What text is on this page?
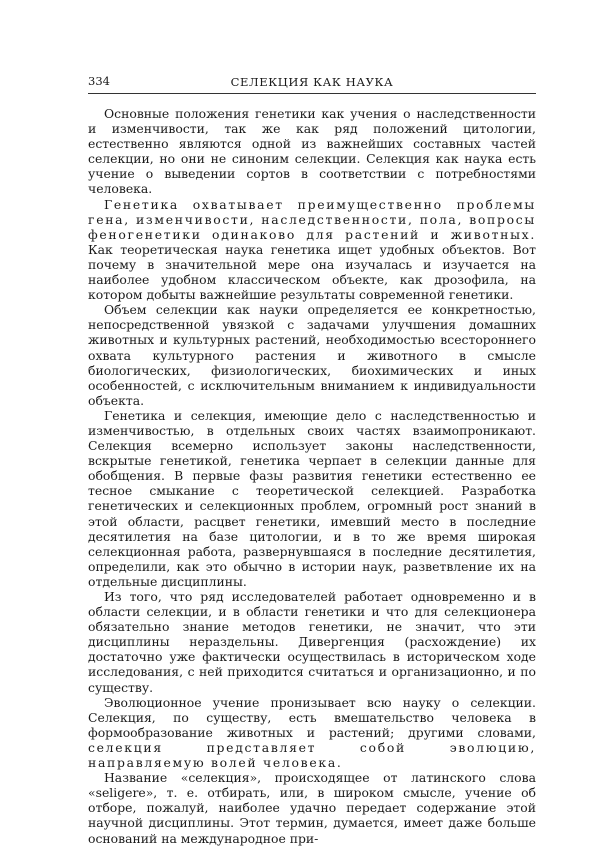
334	СЕЛЕКЦИЯ КАК НАУКА

Основные положения генетики как учения о наследственности и изменчивости, так же как ряд положений цитологии, естественно являются одной из важнейших составных частей селекции, но они не синоним селекции. Селекция как наука есть учение о выведении сортов в соответствии с потребностями человека.

Генетика охватывает преимущественно проблемы гена, изменчивости, наследственности, пола, вопросы феногенетики одинаково для растений и животных. Как теоретическая наука генетика ищет удобных объектов. Вот почему в значительной мере она изучалась и изучается на наиболее удобном классическом объекте, как дрозофила, на котором добыты важнейшие результаты современной генетики.

Объем селекции как науки определяется ее конкретностью, непосредственной увязкой с задачами улучшения домашних животных и культурных растений, необходимостью всестороннего охвата культурного растения и животного в смысле биологических, физиологических, биохимических и иных особенностей, с исключительным вниманием к индивидуальности объекта.

Генетика и селекция, имеющие дело с наследственностью и изменчивостью, в отдельных своих частях взаимопроникают. Селекция всемерно использует законы наследственности, вскрытые генетикой, генетика черпает в селекции данные для обобщения. В первые фазы развития генетики естественно ее тесное смыкание с теоретической селекцией. Разработка генетических и селекционных проблем, огромный рост знаний в этой области, расцвет генетики, имевший место в последние десятилетия на базе цитологии, и в то же время широкая селекционная работа, развернувшаяся в последние десятилетия, определили, как это обычно в истории наук, разветвление их на отдельные дисциплины.

Из того, что ряд исследователей работает одновременно и в области селекции, и в области генетики и что для селекционера обязательно знание методов генетики, не значит, что эти дисциплины нераздельны. Дивергенция (расхождение) их достаточно уже фактически осуществилась в историческом ходе исследования, с ней приходится считаться и организационно, и по существу.

Эволюционное учение пронизывает всю науку о селекции. Селекция, по существу, есть вмешательство человека в формообразование животных и растений; другими словами, селекция представляет собой эволюцию, направляемую волей человека.

Название «селекция», происходящее от латинского слова «seligere», т. е. отбирать, или, в широком смысле, учение об отборе, пожалуй, наиболее удачно передает содержание этой научной дисциплины. Этот термин, думается, имеет даже больше оснований на международное при-
